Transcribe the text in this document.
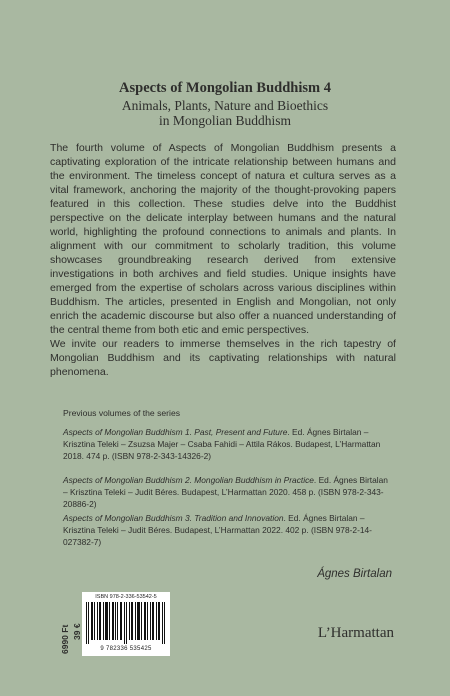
Aspects of Mongolian Buddhism 4
Animals, Plants, Nature and Bioethics
in Mongolian Buddhism

The fourth volume of Aspects of Mongolian Buddhism presents a captivating exploration of the intricate relationship between humans and the environment. The timeless concept of natura et cultura serves as a vital framework, anchoring the majority of the thought-provoking papers featured in this collection. These studies delve into the Buddhist perspective on the delicate interplay between humans and the natural world, highlighting the profound connections to animals and plants. In alignment with our commitment to scholarly tradition, this volume showcases groundbreaking research derived from extensive investigations in both archives and field studies. Unique insights have emerged from the expertise of scholars across various disciplines within Buddhism. The articles, presented in English and Mongolian, not only enrich the academic discourse but also offer a nuanced understanding of the central theme from both etic and emic perspectives.

We invite our readers to immerse themselves in the rich tapestry of Mongolian Buddhism and its captivating relationships with natural phenomena.

Previous volumes of the series

Aspects of Mongolian Buddhism 1. Past, Present and Future. Ed. Ágnes Birtalan – Krisztina Teleki – Zsuzsa Majer – Csaba Fahidi – Attila Rákos. Budapest, L’Harmattan 2018. 474 p. (ISBN 978-2-343-14326-2)

Aspects of Mongolian Buddhism 2. Mongolian Buddhism in Practice. Ed. Ágnes Birtalan – Krisztina Teleki – Judit Béres. Budapest, L’Harmattan 2020. 458 p. (ISBN 978-2-343-20886-2)

Aspects of Mongolian Buddhism 3. Tradition and Innovation. Ed. Ágnes Birtalan – Krisztina Teleki – Judit Béres. Budapest, L’Harmattan 2022. 402 p. (ISBN 978-2-14-027382-7)

Ágnes Birtalan
6990 Ft 39 €
ISBN 978-2-336-53542-5
9 782336 535425
L’Harmattan
